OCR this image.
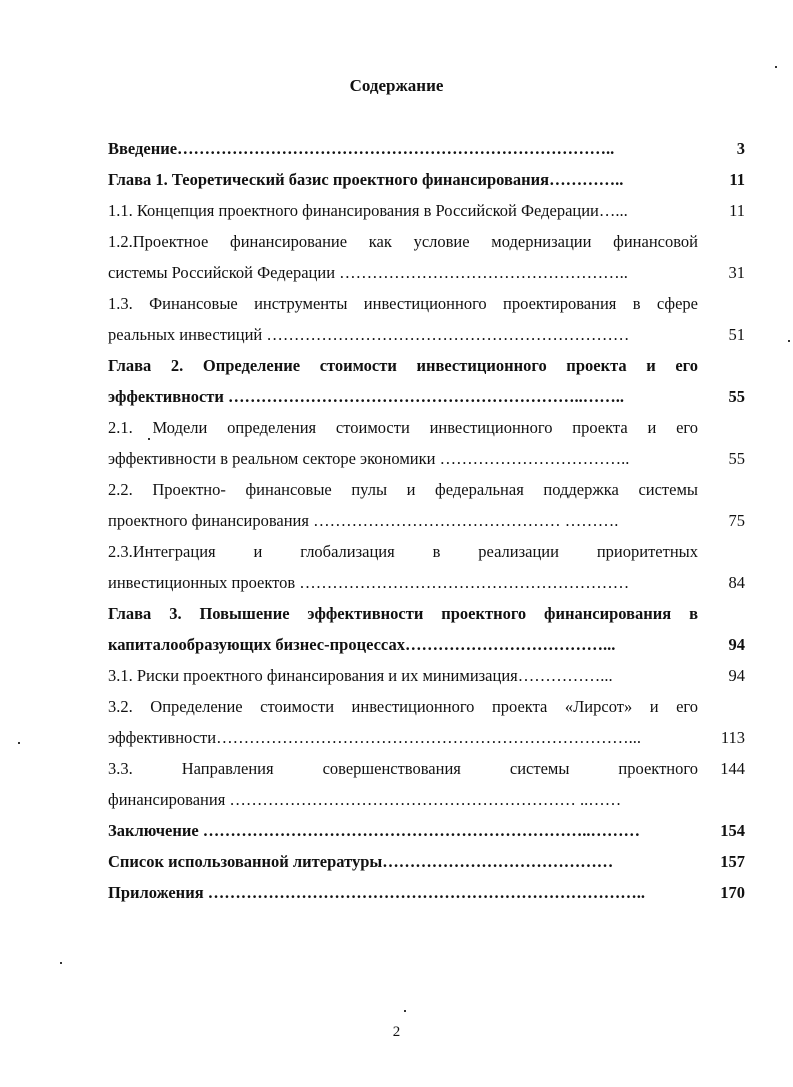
Содержание
Введение……………………………………………………………………..	3
Глава 1. Теоретический базис проектного финансирования…………..	11
1.1. Концепция проектного финансирования в Российской Федерации…...	11
1.2.Проектное финансирование как условие модернизации финансовой
системы Российской Федерации ……………………………………………..	31
1.3. Финансовые инструменты инвестиционного проектирования в сфере
реальных инвестиций …………………………………………………………	51
Глава 2. Определение стоимости инвестиционного проекта и его
эффективности ………………………………………………………..……..	55
2.1. Модели определения стоимости инвестиционного проекта и его
эффективности в реальном секторе экономики ……………………………..	55
2.2. Проектно- финансовые пулы и федеральная поддержка системы
проектного финансирования ……………………………………… ……….	75
2.3.Интеграция и глобализация в реализации приоритетных
инвестиционных проектов ……………………………………………………	84
Глава 3. Повышение эффективности проектного финансирования в
капиталообразующих бизнес-процессах………………………………...	94
3.1. Риски проектного финансирования и их минимизация……………...	94
3.2. Определение стоимости инвестиционного проекта «Лирсот» и его
эффективности…………………………………………………………………...	113
3.3. Направления совершенствования системы проектного	144
финансирования ……………………………………………………… ..……
Заключение ……………………………………………………………..………	154
Список использованной литературы……………………………………	157
Приложения ……………………………………………………………………..	170
2
